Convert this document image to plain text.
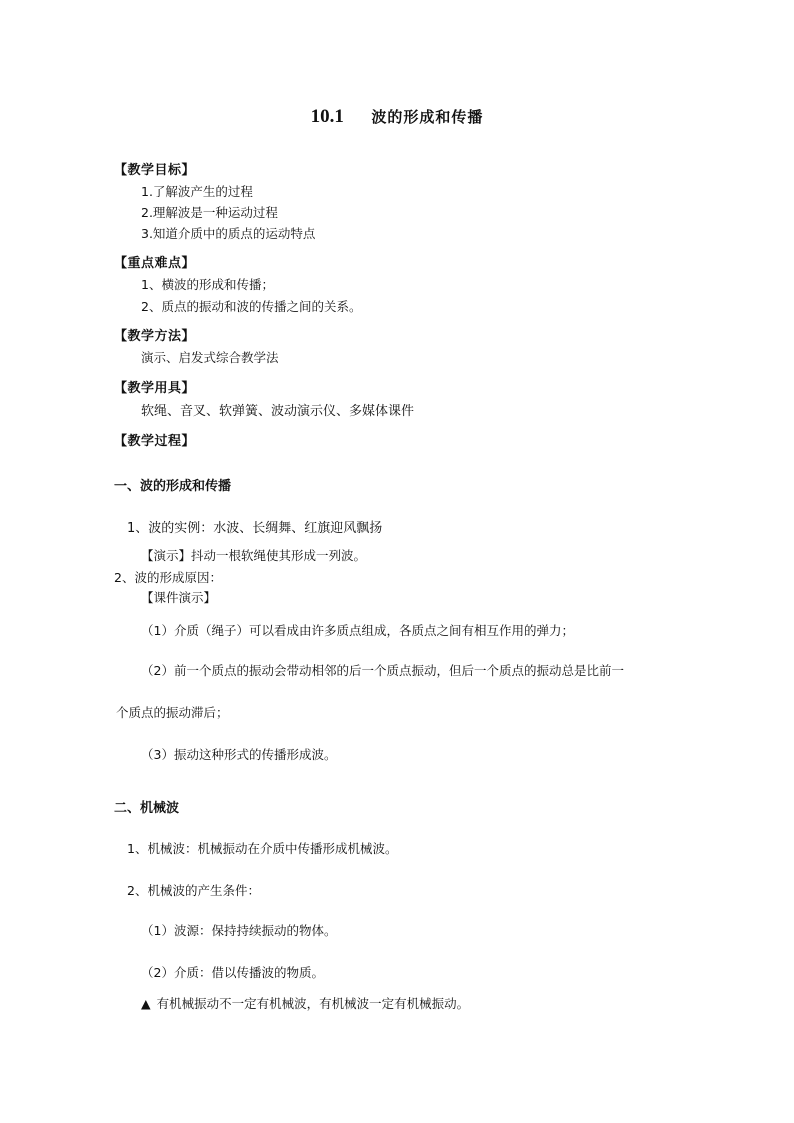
10.1 波的形成和传播
【教学目标】
1.了解波产生的过程
2.理解波是一种运动过程
3.知道介质中的质点的运动特点
【重点难点】
1、横波的形成和传播；
2、质点的振动和波的传播之间的关系。
【教学方法】
演示、启发式综合教学法
【教学用具】
软绳、音叉、软弹簧、波动演示仪、多媒体课件
【教学过程】
一、波的形成和传播
1、波的实例：水波、长绸舞、红旗迎风飘扬
【演示】抖动一根软绳使其形成一列波。
2、波的形成原因：
【课件演示】
（1）介质（绳子）可以看成由许多质点组成，各质点之间有相互作用的弹力；
（2）前一个质点的振动会带动相邻的后一个质点振动，但后一个质点的振动总是比前一
个质点的振动滞后；
（3）振动这种形式的传播形成波。
二、机械波
1、机械波：机械振动在介质中传播形成机械波。
2、机械波的产生条件：
（1）波源：保持持续振动的物体。
（2）介质：借以传播波的物质。
▲ 有机械振动不一定有机械波，有机械波一定有机械振动。
